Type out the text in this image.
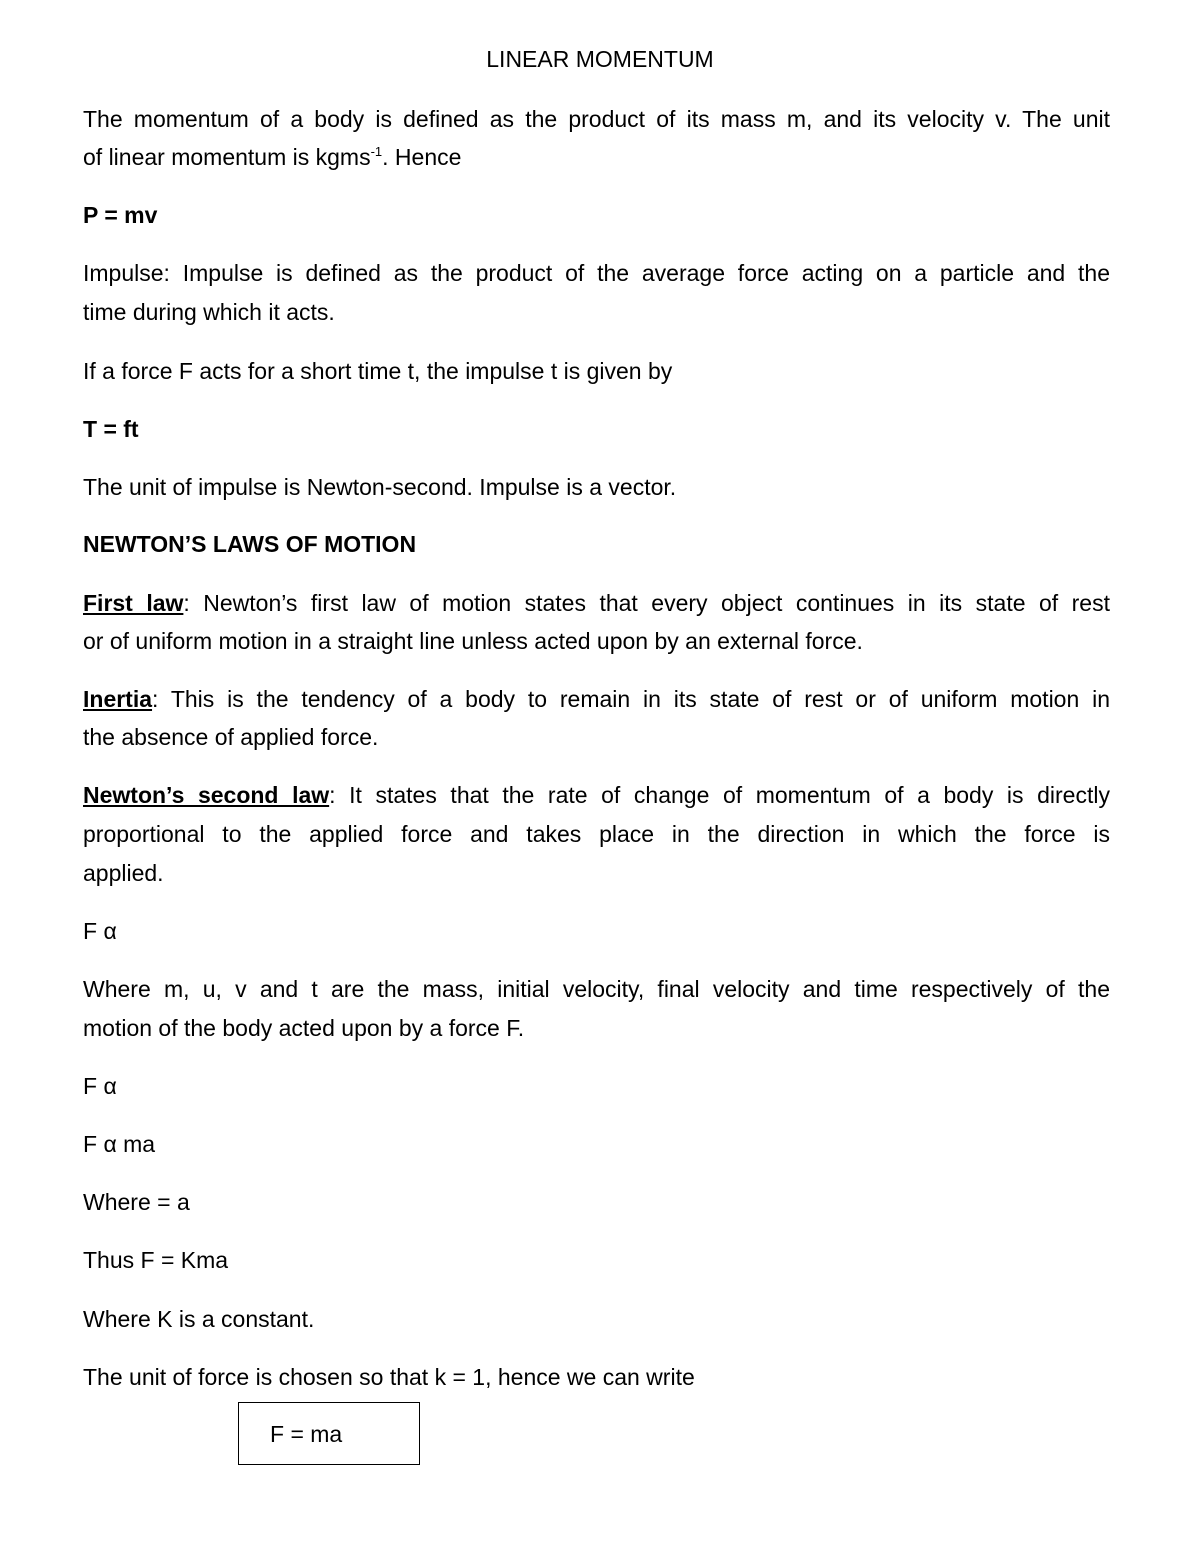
LINEAR MOMENTUM
The momentum of a body is defined as the product of its mass m, and its velocity v. The unit
of linear momentum is kgms$^{-1}$. Hence
P = mv
Impulse: Impulse is defined as the product of the average force acting on a particle and the
time during which it acts.
If a force F acts for a short time t, the impulse t is given by
T = ft
The unit of impulse is Newton-second. Impulse is a vector.
NEWTON’S LAWS OF MOTION
First law: Newton’s first law of motion states that every object continues in its state of rest
or of uniform motion in a straight line unless acted upon by an external force.
Inertia: This is the tendency of a body to remain in its state of rest or of uniform motion in
the absence of applied force.
Newton’s second law: It states that the rate of change of momentum of a body is directly
proportional to the applied force and takes place in the direction in which the force is
applied.
F α
Where m, u, v and t are the mass, initial velocity, final velocity and time respectively of the
motion of the body acted upon by a force F.
F α
F α ma
Where = a
Thus F = Kma
Where K is a constant.
The unit of force is chosen so that k = 1, hence we can write
F = ma
